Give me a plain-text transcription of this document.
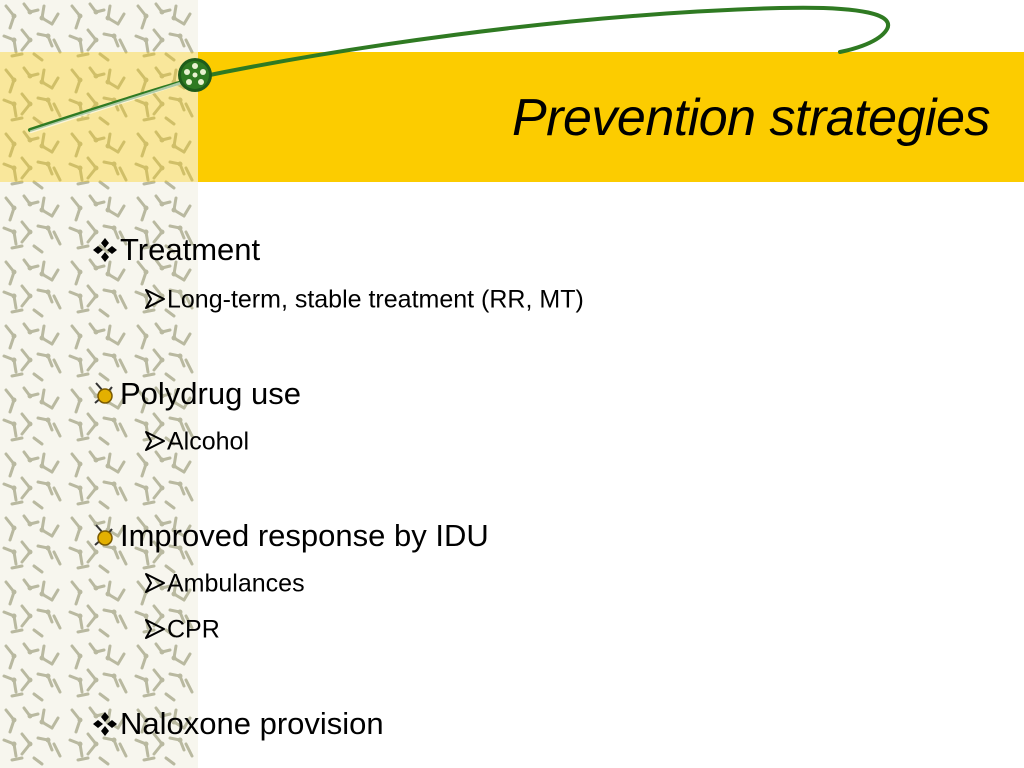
Prevention strategies
Treatment
Long-term, stable treatment (RR, MT)
Polydrug use
Alcohol
Improved response by IDU
Ambulances
CPR
Naloxone provision
